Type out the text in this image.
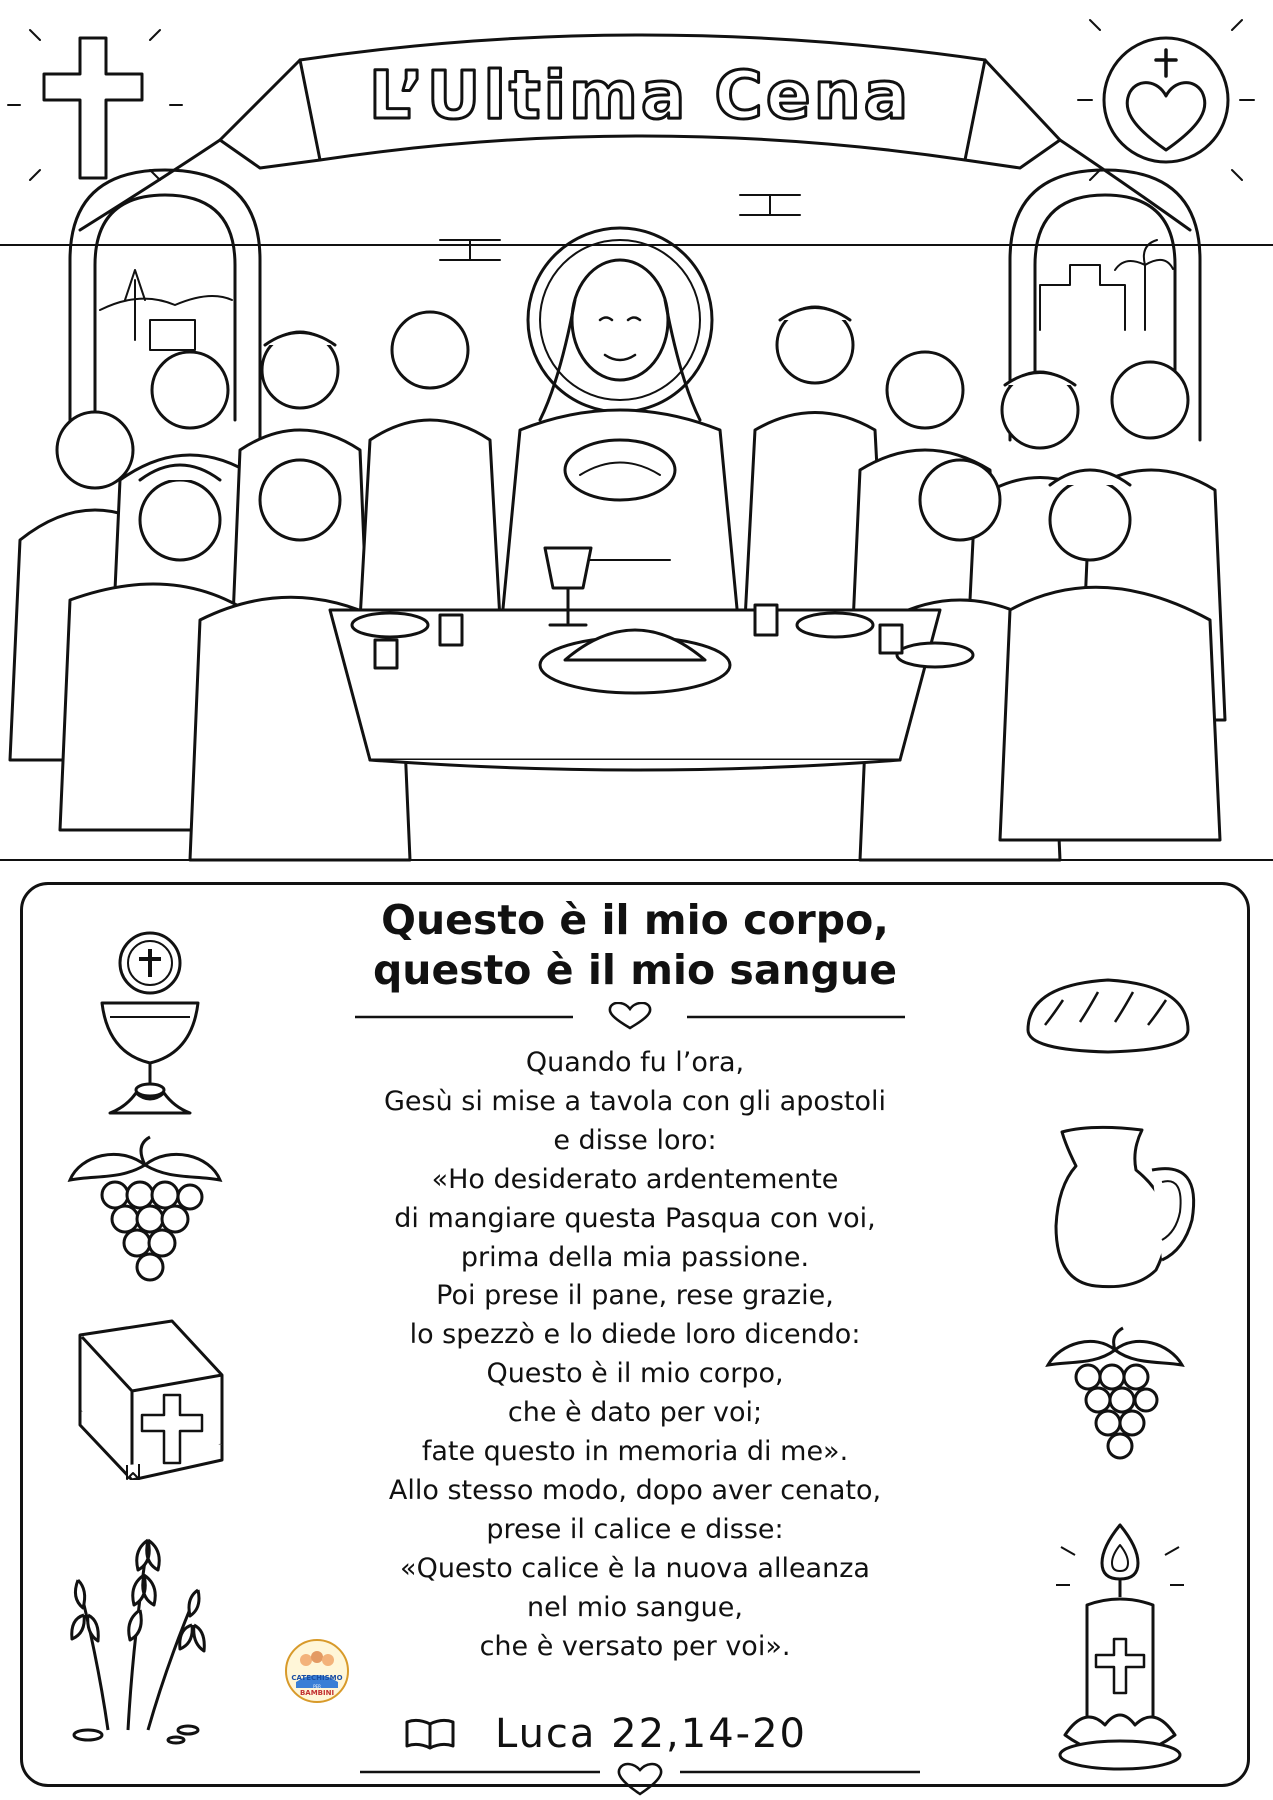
L’Ultima Cena
Questo è il mio corpo,
questo è il mio sangue
Quando fu l’ora,
Gesù si mise a tavola con gli apostoli
e disse loro:
«Ho desiderato ardentemente
di mangiare questa Pasqua con voi,
prima della mia passione.
Poi prese il pane, rese grazie,
lo spezzò e lo diede loro dicendo:
Questo è il mio corpo,
che è dato per voi;
fate questo in memoria di me».
Allo stesso modo, dopo aver cenato,
prese il calice e disse:
«Questo calice è la nuova alleanza
nel mio sangue,
che è versato per voi».
CATECHISMO
PER
BAMBINI
Luca 22,14-20
